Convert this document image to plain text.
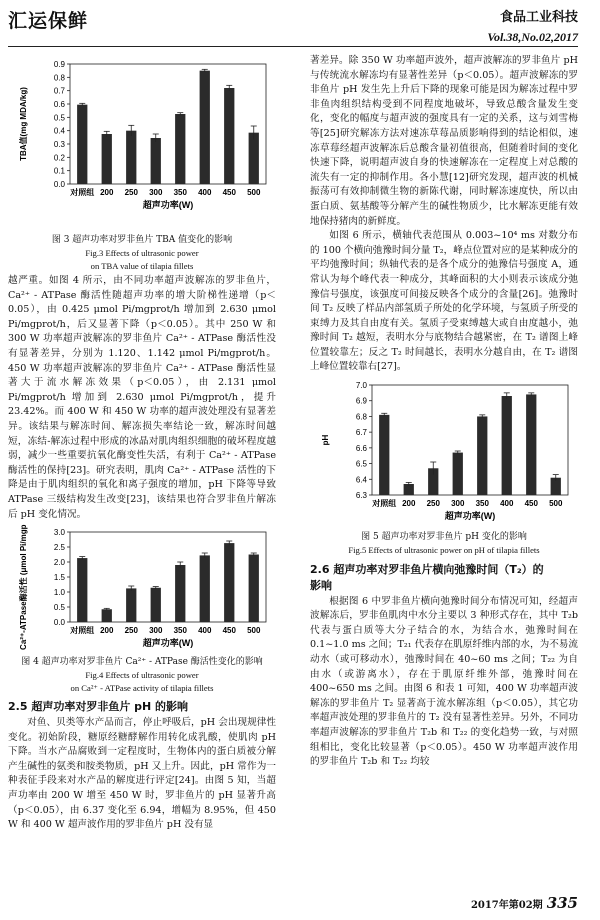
汇运保鲜	食品工业科技
Vol.38,No.02,2017
0.0
0.1
0.2
0.3
0.4
0.5
0.6
0.7
0.8
0.9
对照组 200 250 300 350 400 450 500
超声功率(W)
TBA值(mg MDA/kg)

图 3 超声功率对罗非鱼片 TBA 值变化的影响

Fig.3 Effects of ultrasonic power

on TBA value of tilapia fillets

越严重。如图 4 所示，由不同功率超声波解冻的罗非鱼片，Ca²⁺ - ATPase 酶活性随超声功率的增大阶梯性递增（p＜0.05），由 0.425 μmol Pi/mgprot/h 增加到 2.630 μmol Pi/mgprot/h，后又显著下降（p＜0.05）。其中 250 W 和 300 W 功率超声波解冻的罗非鱼片 Ca²⁺ - ATPase 酶活性没有显著差异，分别为 1.120、1.142 μmol Pi/mgprot/h。450 W 功率超声波解冻的罗非鱼片 Ca²⁺ - ATPase 酶活性显著大于流水解冻效果（p＜0.05），由 2.131 μmol Pi/mgprot/h 增加到 2.630 μmol Pi/mgprot/h，提升 23.42%。而 400 W 和 450 W 功率的超声波处理没有显著差异。该结果与解冻时间、解冻损失率结论一致，解冻时间越短，冻结-解冻过程中形成的冰晶对肌肉组织细胞的破坏程度越弱，减少一些重要抗氧化酶变性失活，有利于 Ca²⁺ - ATPase 酶活性的保持[23]。研究表明，肌肉 Ca²⁺ - ATPase 活性的下降是由于肌肉组织的氧化和离子强度的增加，pH 下降等导致 ATPase 三级结构发生改变[23]，该结果也符合罗非鱼片解冻后 pH 变化情况。

0.0
0.5
1.0
1.5
2.0
2.5
3.0
对照组 200 250 300 350 400 450 500
超声功率(W)
Ca²⁺-ATPase酶活性 (μmol Pi/mgprot/h)

图 4 超声功率对罗非鱼片 Ca²⁺ - ATPase 酶活性变化的影响

Fig.4 Effects of ultrasonic power

on Ca²⁺ - ATPase activity of tilapia fillets

2.5 超声功率对罗非鱼片 pH 的影响

对鱼、贝类等水产品而言，停止呼吸后，pH 会出现规律性变化。初始阶段，糖原经糖酵解作用转化成乳酸，使肌肉 pH 下降。当水产品腐败到一定程度时，生物体内的蛋白质被分解产生碱性的氨类和胺类物质，pH 又上升。因此，pH 常作为一种表征手段来对水产品的解度进行评定[24]。由图 5 知，当超声功率由 200 W 增至 450 W 时，罗非鱼片的 pH 显著升高（p＜0.05），由 6.37 变化至 6.94，增幅为 8.95%，但 450 W 和 400 W 超声波作用的罗非鱼片 pH 没有显

著差异。除 350 W 功率超声波外，超声波解冻的罗非鱼片 pH 与传统流水解冻均有显著性差异（p＜0.05）。超声波解冻的罗非鱼片 pH 发生先上升后下降的现象可能是因为解冻过程中罗非鱼肉组织结构受到不同程度地破坏，导致总酸含量发生变化，变化的幅度与超声波的强度具有一定的关系，这与刘雪梅等[25]研究解冻方法对速冻草莓品质影响得到的结论相似，速冻草莓经超声波解冻后总酸含量初值很高，但随着时间的变化快速下降，说明超声波自身的快速解冻在一定程度上对总酸的流失有一定的抑制作用。各小慧[12]研究发现，超声波的机械振荡可有效抑制微生物的新陈代谢，同时解冻速度快，所以由蛋白质、氨基酸等分解产生的碱性物质少，比水解冻更能有效地保持猪肉的新鲜度。

如图 6 所示，横轴代表范围从 0.003~10⁴ ms 对数分布的 100 个横向弛豫时间分量 T₂，峰点位置对应的是某种成分的平均弛豫时间；纵轴代表的是各个成分的弛豫信号强度 A，通常认为每个峰代表一种成分，其峰面积的大小则表示该成分弛豫信号强度，该强度可间接反映各个成分的含量[26]。弛豫时间 T₂ 反映了样品内部氢质子所处的化学环境，与氢质子所受的束缚力及其自由度有关。氢质子受束缚越大或自由度越小，弛豫时间 T₂ 越短，表明水分与底物结合越紧密，在 T₂ 谱图上峰位置较靠左；反之 T₂ 时间越长，表明水分越自由，在 T₂ 谱图上峰位置较靠右[27]。

6.3
6.4
6.5
6.6
6.7
6.8
6.9
7.0
对照组 200 250 300 350 400 450 500
超声功率(W)
pH

图 5 超声功率对罗非鱼片 pH 变化的影响

Fig.5 Effects of ultrasonic power on pH of tilapia fillets

2.6 超声功率对罗非鱼片横向弛豫时间（T₂）的
影响

根据图 6 中罗非鱼片横向弛豫时间分布情况可知，经超声波解冻后，罗非鱼肌肉中水分主要以 3 种形式存在，其中 T₂b 代表与蛋白质等大分子结合的水，为结合水，弛豫时间在 0.1~1.0 ms 之间；T₂₁ 代表存在肌原纤维内部的水，为不易流动水（或可移动水），弛豫时间在 40~60 ms 之间；T₂₂ 为自由水（或游离水），存在于肌原纤维外部，弛豫时间在 400~650 ms 之间。由图 6 和表 1 可知，400 W 功率超声波解冻的罗非鱼片 T₂ 显著高于流水解冻组（p＜0.05），其它功率超声波处理的罗非鱼片的 T₂ 没有显著性差异。另外，不同功率超声波解冻的罗非鱼片 T₂b 和 T₂₂ 的变化趋势一致，与对照组相比，变化比较显著（p＜0.05）。450 W 功率超声波作用的罗非鱼片 T₂b 和 T₂₂ 均较

2017年第02期 335
